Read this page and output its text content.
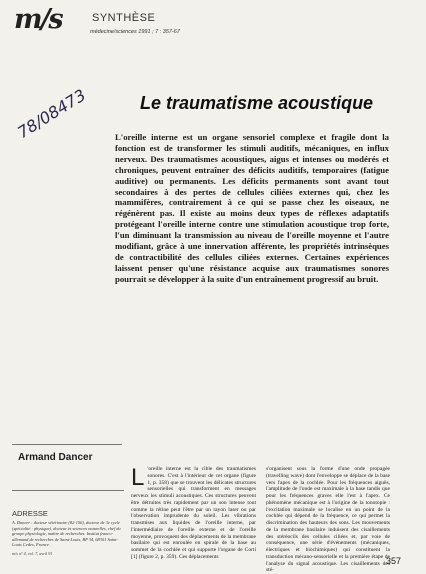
m/s	SYNTHÈSE
médecine/sciences 1991 ; 7 : 357-67
78/08473	Le traumatisme acoustique
L'oreille interne est un organe sensoriel complexe et fragile dont la fonction est de transformer les stimuli auditifs, mécaniques, en influx nerveux. Des traumatismes acoustiques, aigus et intenses ou modérés et chroniques, peuvent entraîner des déficits auditifs, temporaires (fatigue auditive) ou permanents. Les déficits permanents sont avant tout secondaires à des pertes de cellules ciliées externes qui, chez les mammifères, contrairement à ce qui se passe chez les oiseaux, ne régénèrent pas. Il existe au moins deux types de réflexes adaptatifs protégeant l'oreille interne contre une stimulation acoustique trop forte, l'un diminuant la transmission au niveau de l'oreille moyenne et l'autre modifiant, grâce à une innervation afférente, les propriétés intrinsèques de contractibilité des cellules ciliées externes. Certaines expériences laissent penser qu'une résistance acquise aux traumatismes sonores pourrait se développer à la suite d'un entraînement progressif au bruit.
Armand Dancer
ADRESSE
A. Dancer : docteur vétérinaire (82-156), docteur de 3e cycle (spécialité : physique), docteur ès sciences naturelles, chef du groupe physiologie, maître de recherches. Institut franco-allemand de recherches de Saint-Louis, BP 34, 68301 Saint-Louis Cedex, France.
m/s n° 4, vol. 7, avril 91
L 'oreille interne est la cible des traumatismes sonores. C'est à l'intérieur de cet organe (figure 1, p. 358) que se trouvent les délicates structures sensorielles qui transforment en messages nerveux les stimuli acoustiques. Ces structures peuvent être détruites très rapidement par un son intense tout comme la rétine peut l'être par un rayon laser ou par l'observation imprudente du soleil. Les vibrations transmises aux liquides de l'oreille interne, par l'intermédiaire de l'oreille externe et de l'oreille moyenne, provoquent des déplacements de la membrane basilaire qui est enroulée en spirale de la base au sommet de la cochlée et qui supporte l'organe de Corti [1] (figure 2, p. 359). Ces déplacements
s'organisent sous la forme d'une onde propagée (travelling wave) dont l'enveloppe se déplace de la base vers l'apex de la cochlée. Pour les fréquences aiguës, l'amplitude de l'onde est maximale à la base tandis que pour les fréquences graves elle l'est à l'apex. Ce phénomène mécanique est à l'origine de la tonotopie : l'excitation maximale se localise en un point de la cochlée qui dépend de la fréquence, ce qui permet la discrimination des hauteurs des sons. Les mouvements de la membrane basilaire induisent des cisaillements des stéréocils des cellules ciliées et, par voie de conséquence, une série d'événements (mécaniques, électriques et biochimiques) qui constituent la transduction mécano-sensorielle et la première étape de l'analyse du signal acoustique. Les cisaillements des sté-
357
